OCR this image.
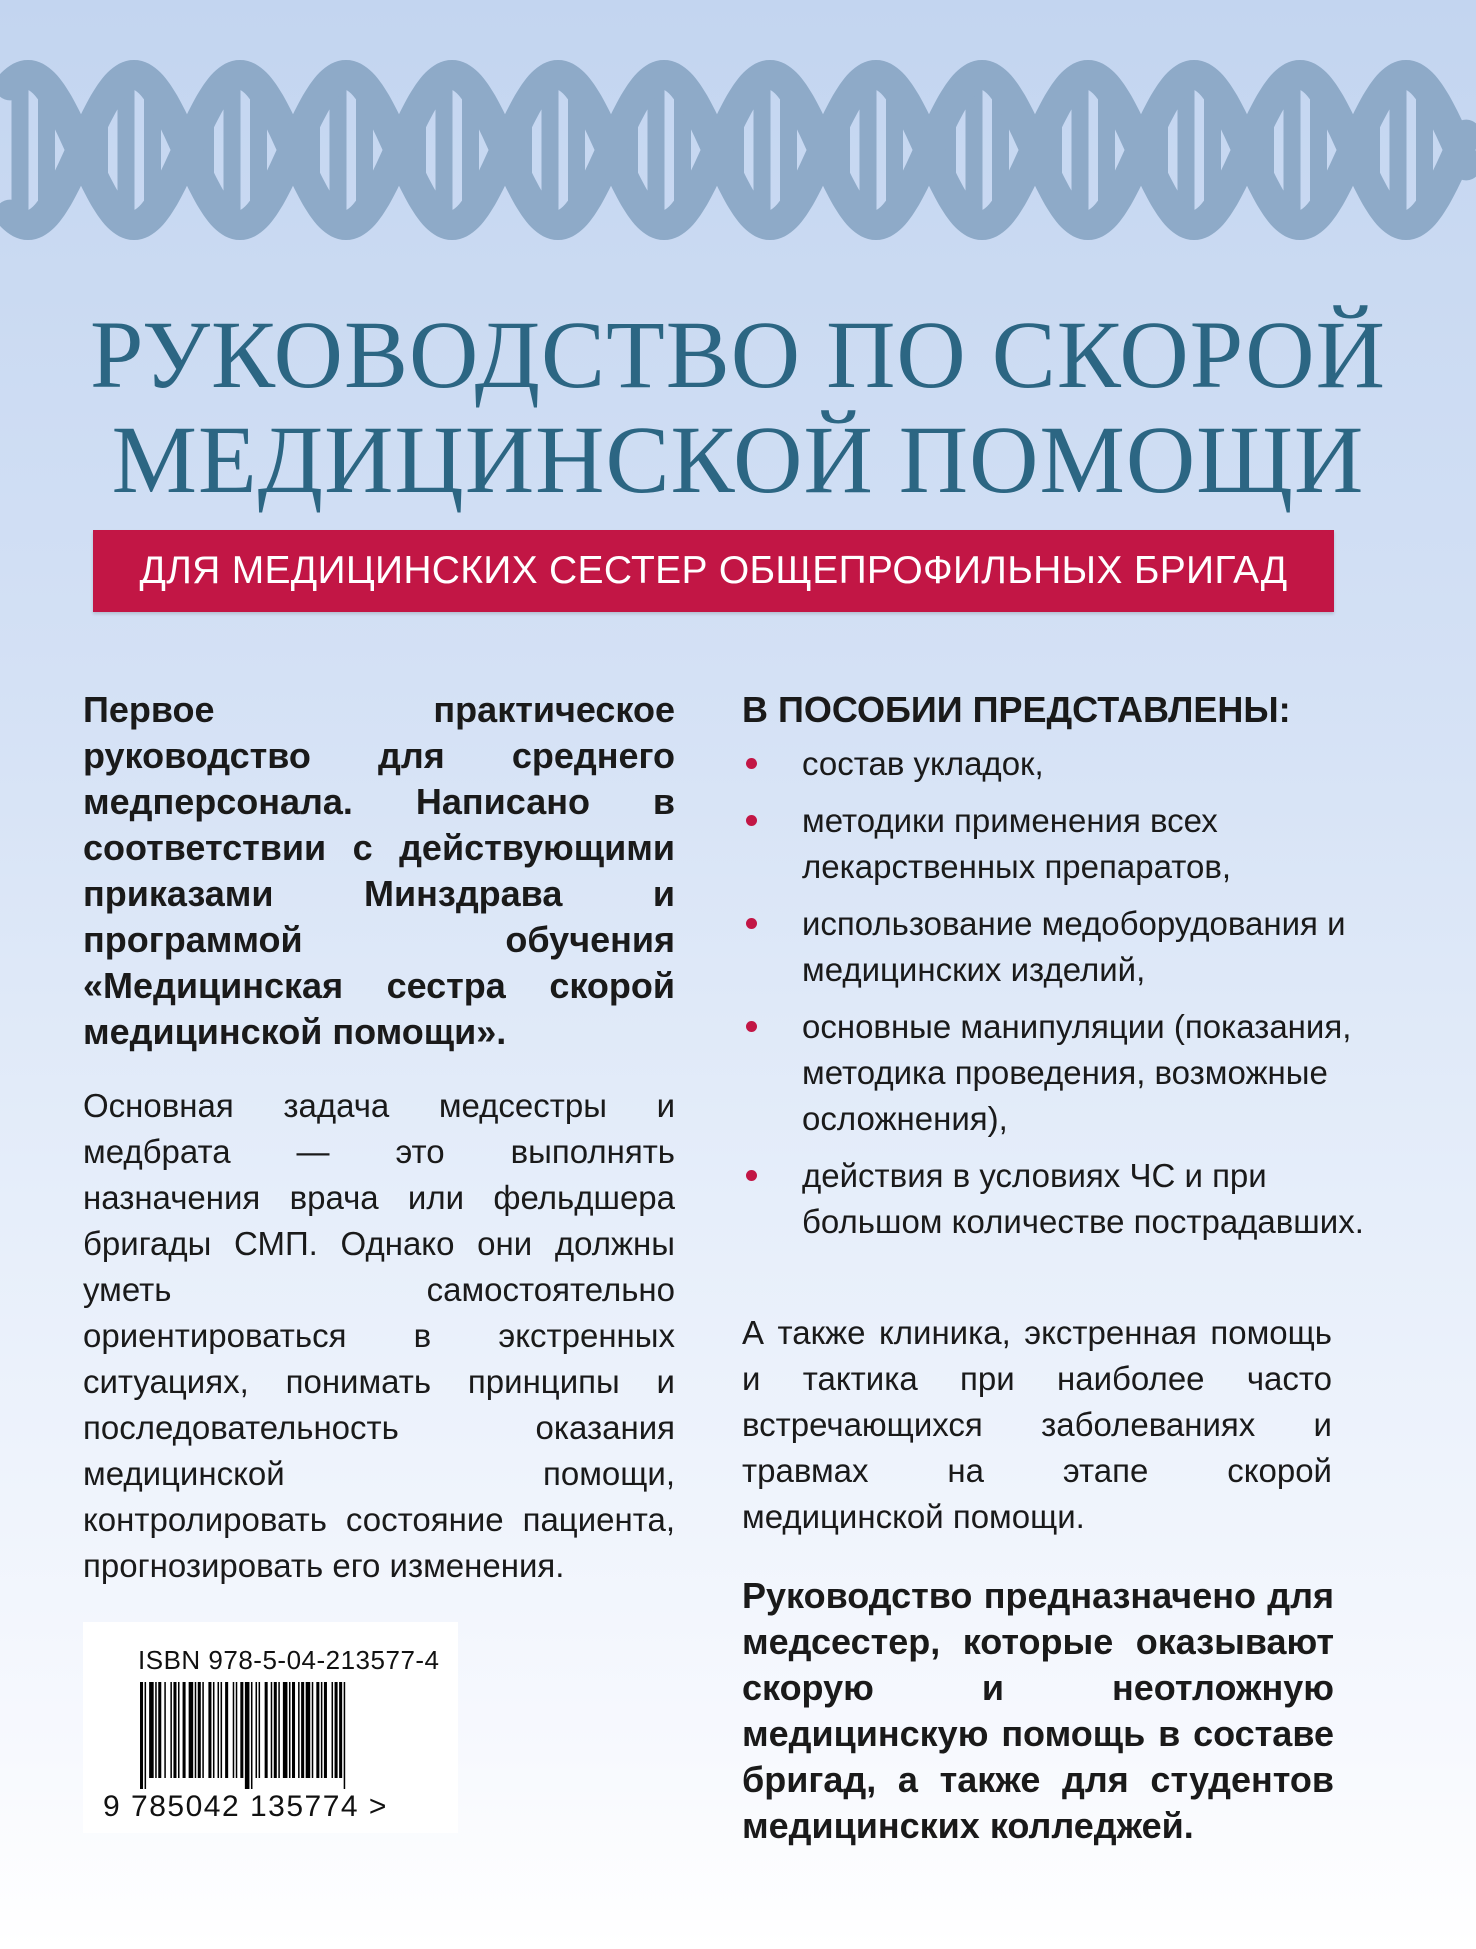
РУКОВОДСТВО ПО СКОРОЙ
МЕДИЦИНСКОЙ ПОМОЩИ
ДЛЯ МЕДИЦИНСКИХ СЕСТЕР ОБЩЕПРОФИЛЬНЫХ БРИГАД

Первое практическое руководство для среднего медперсонала. Написано в соответствии с действующими приказами Минздрава и программой обучения «Медицинская сестра скорой медицинской помощи».

Основная задача медсестры и медбрата — это выполнять назначения врача или фельдшера бригады СМП. Однако они должны уметь самостоятельно ориентироваться в экстренных ситуациях, понимать принципы и последовательность оказания медицинской помощи, контролировать состояние пациента, прогнозировать его изменения.

В ПОСОБИИ ПРЕДСТАВЛЕНЫ:

состав укладок,
методики применения всех лекарственных препаратов,
использование медоборудования и медицинских изделий,
основные манипуляции (показания, методика проведения, возможные осложнения),
действия в условиях ЧС и при большом количестве пострадавших.

А также клиника, экстренная помощь и тактика при наиболее часто встречающихся заболеваниях и травмах на этапе скорой медицинской помощи.

Руководство предназначено для медсестер, которые оказывают скорую и неотложную медицинскую помощь в составе бригад, а также для студентов медицинских колледжей.

ISBN 978-5-04-213577-4
9 785042 135774 >
